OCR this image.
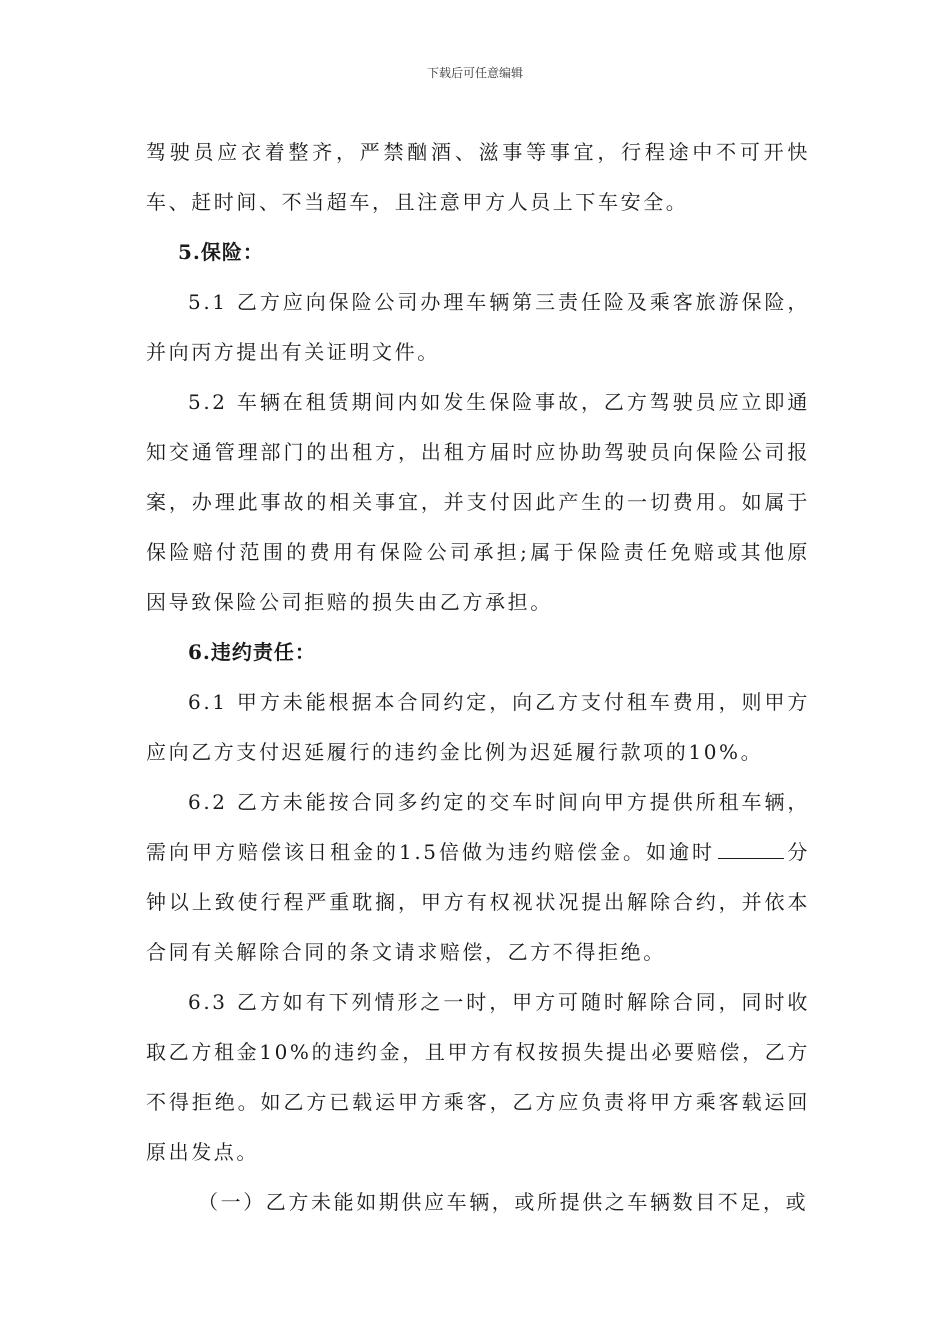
下载后可任意编辑

驾驶员应衣着整齐，严禁酗酒、滋事等事宜，行程途中不可开快车、赶时间、不当超车，且注意甲方人员上下车安全。

5.保险：

5.1 乙方应向保险公司办理车辆第三责任险及乘客旅游保险，并向丙方提出有关证明文件。

5.2 车辆在租赁期间内如发生保险事故，乙方驾驶员应立即通知交通管理部门的出租方，出租方届时应协助驾驶员向保险公司报案，办理此事故的相关事宜，并支付因此产生的一切费用。如属于保险赔付范围的费用有保险公司承担;属于保险责任免赔或其他原因导致保险公司拒赔的损失由乙方承担。

6.违约责任：

6.1 甲方未能根据本合同约定，向乙方支付租车费用，则甲方应向乙方支付迟延履行的违约金比例为迟延履行款项的10%。

6.2 乙方未能按合同多约定的交车时间向甲方提供所租车辆，需向甲方赔偿该日租金的1.5倍做为违约赔偿金。如逾时	分钟以上致使行程严重耽搁，甲方有权视状况提出解除合约，并依本合同有关解除合同的条文请求赔偿，乙方不得拒绝。

6.3 乙方如有下列情形之一时，甲方可随时解除合同，同时收取乙方租金10%的违约金，且甲方有权按损失提出必要赔偿，乙方不得拒绝。如乙方已载运甲方乘客，乙方应负责将甲方乘客载运回原出发点。

（一）乙方未能如期供应车辆，或所提供之车辆数目不足，或
